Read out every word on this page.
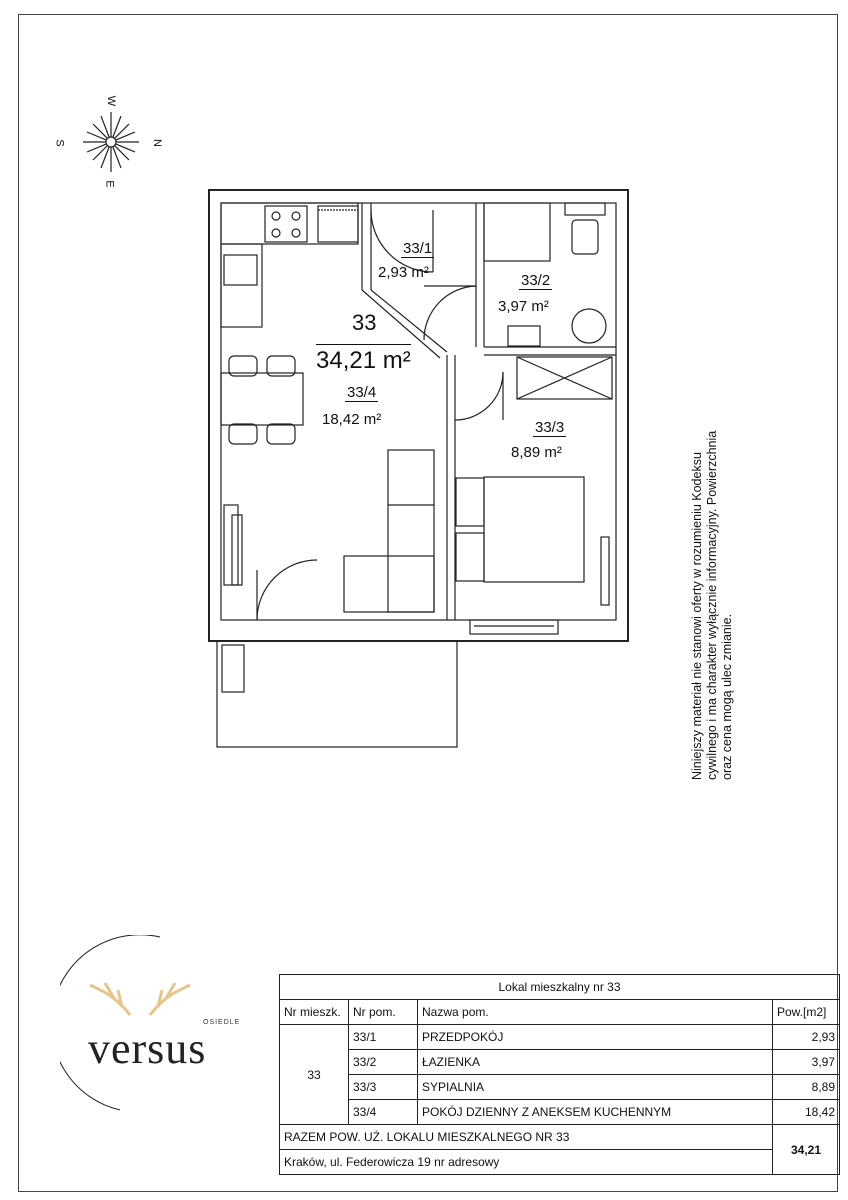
W
N
E
S
33/1
2,93 m²	33/2
3,97 m²
33
34,21 m²
33/4
18,42 m²	33/3
8,89 m²	Niniejszy materiał nie stanowi oferty w rozumieniu Kodeksu cywilnego i ma charakter wyłącznie informacyjny. Powierzchnia oraz cena mogą ulec zmianie.
OSIEDLE
versus
Lokal mieszkalny nr 33			
Nr mieszk.	Nr pom.	Nazwa pom.	Pow.[m2]
33	33/1	PRZEDPOKÓJ	2,93
	33/2	ŁAZIENKA	3,97
	33/3	SYPIALNIA	8,89
	33/4	POKÓJ DZIENNY Z ANEKSEM KUCHENNYM	18,42
RAZEM POW. UŻ. LOKALU MIESZKALNEGO NR 33			34,21
Kraków, ul. Federowicza 19 nr adresowy			
